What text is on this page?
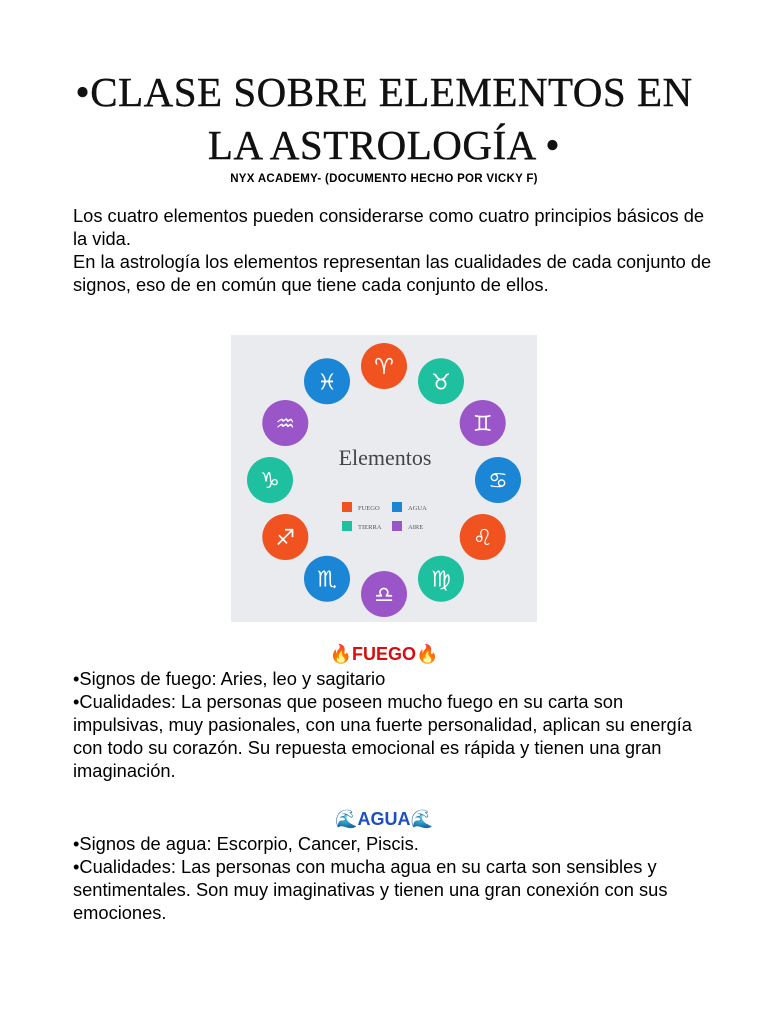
•CLASE SOBRE ELEMENTOS EN
LA ASTROLOGÍA •
NYX ACADEMY- (DOCUMENTO HECHO POR VICKY F)

Los cuatro elementos pueden considerarse como cuatro principios básicos de la vida.

En la astrología los elementos representan las cualidades de cada conjunto de signos, eso de en común que tiene cada conjunto de ellos.

Elementos
FUEGO	AGUA
TIERRA	AIRE
♈
♉
♊
♋
♌
♍
♎
♏
♐
♑
♒
♓
🔥FUEGO🔥

•Signos de fuego: Aries, leo y sagitario

•Cualidades: La personas que poseen mucho fuego en su carta son impulsivas, muy pasionales, con una fuerte personalidad, aplican su energía con todo su corazón. Su repuesta emocional es rápida y tienen una gran imaginación.

🌊AGUA🌊

•Signos de agua: Escorpio, Cancer, Piscis.

•Cualidades: Las personas con mucha agua en su carta son sensibles y sentimentales. Son muy imaginativas y tienen una gran conexión con sus emociones.
